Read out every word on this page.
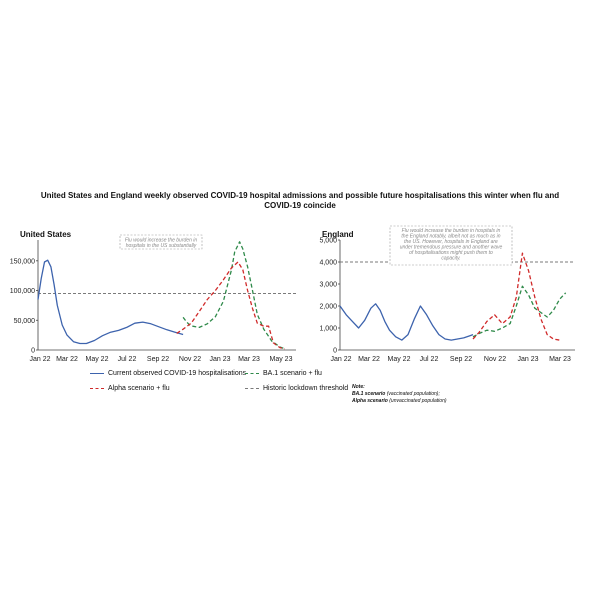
United States and England weekly observed COVID-19 hospital admissions and possible future hospitalisations this winter when flu and COVID-19 coincide
United States	England
0
50,000
100,000
150,000
Jan 22 Mar 22 May 22 Jul 22 Sep 22 Nov 22 Jan 23 Mar 23 May 23
Flu would increase the burden in
hospitals in the US substantially
0
1,000
2,000
3,000
4,000
5,000
Jan 22 Mar 22 May 22 Jul 22 Sep 22 Nov 22 Jan 23 Mar 23
Flu would increase the burden in hospitals in
the England notably, albeit not as much as in
the US. However, hospitals in England are
under tremendous pressure and another wave
of hospitalisations might push them to
capacity.
Current observed COVID-19 hospitalisations	BA.1 scenario + flu
Alpha scenario + flu	Historic lockdown threshold Note:
BA.1 scenario (vaccinated population);
Alpha scenario (unvaccinated population)
